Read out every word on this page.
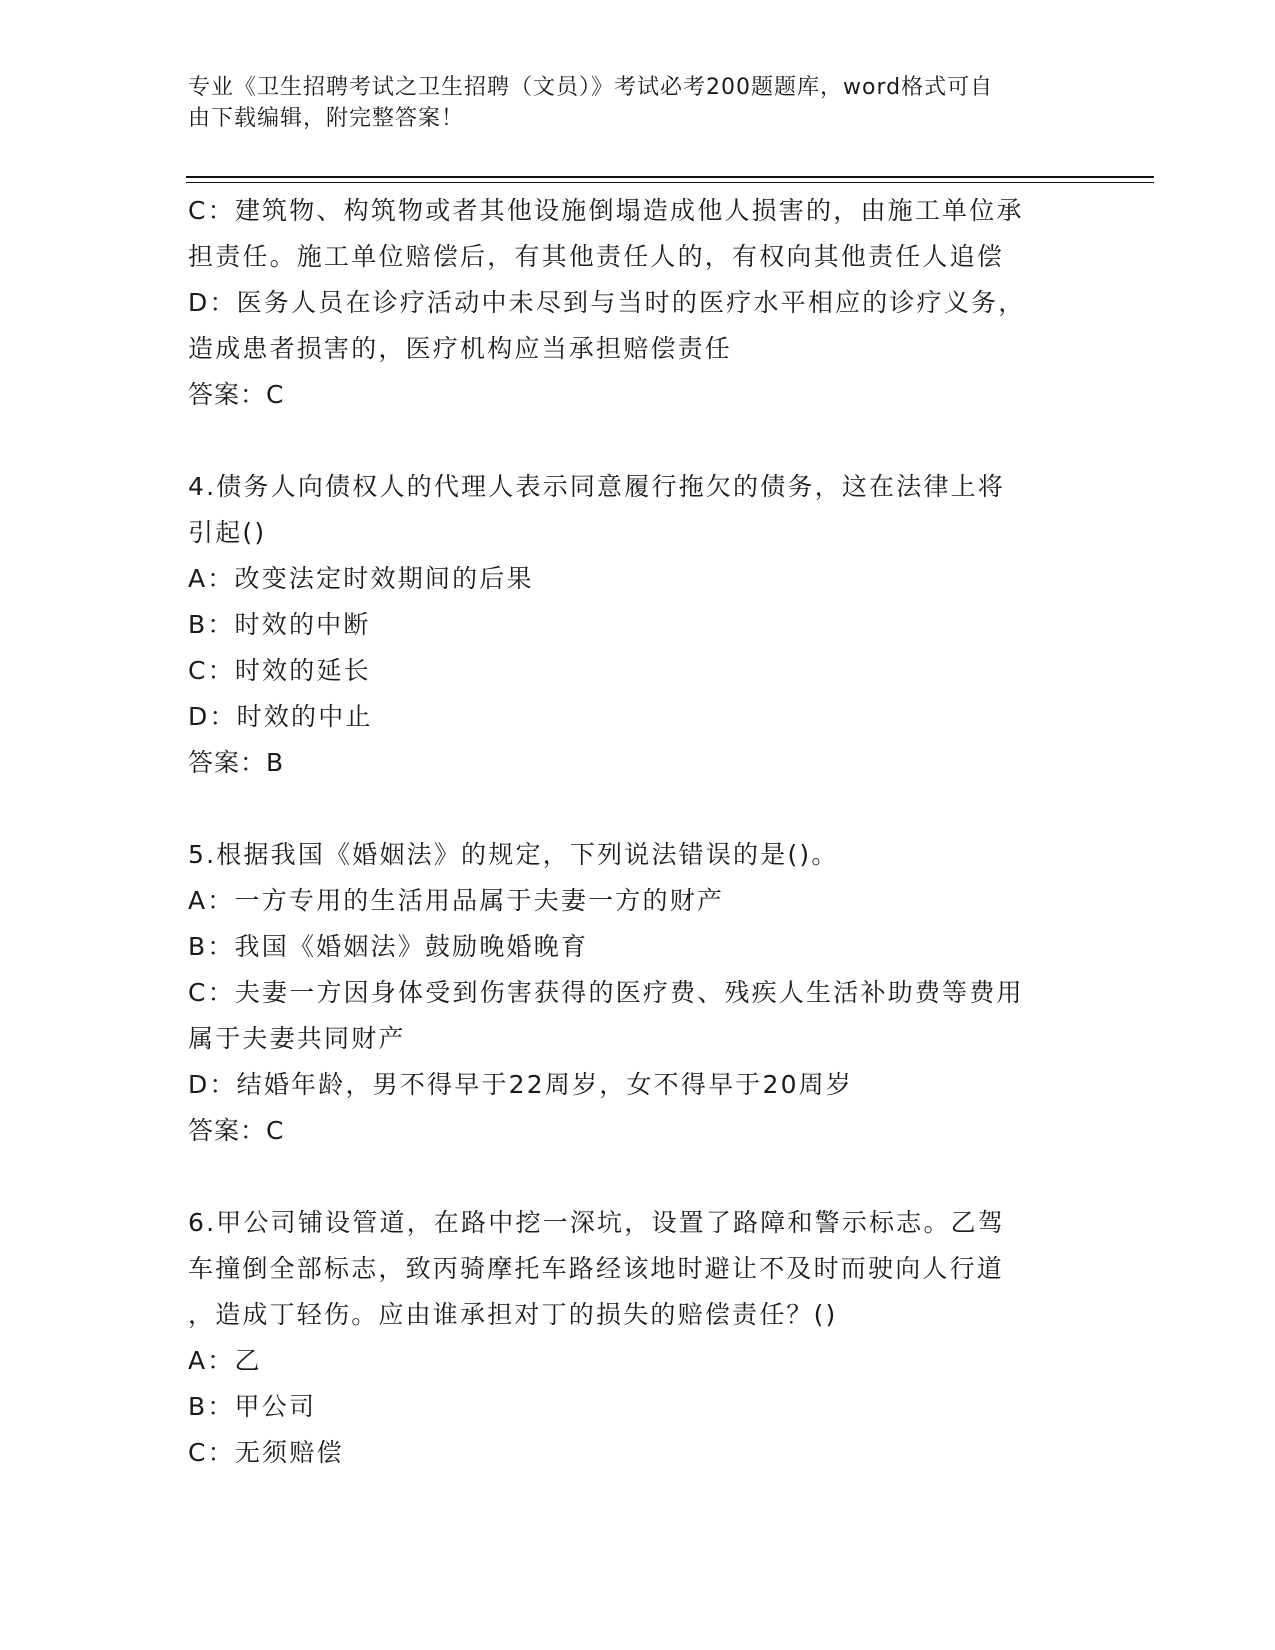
专业《卫生招聘考试之卫生招聘（文员）》考试必考200题题库，word格式可自
由下载编辑，附完整答案！
C：建筑物、构筑物或者其他设施倒塌造成他人损害的，由施工单位承
担责任。施工单位赔偿后，有其他责任人的，有权向其他责任人追偿
D：医务人员在诊疗活动中未尽到与当时的医疗水平相应的诊疗义务，
造成患者损害的，医疗机构应当承担赔偿责任
答案：C
4.债务人向债权人的代理人表示同意履行拖欠的债务，这在法律上将
引起()
A：改变法定时效期间的后果
B：时效的中断
C：时效的延长
D：时效的中止
答案：B
5.根据我国《婚姻法》的规定，下列说法错误的是()。
A：一方专用的生活用品属于夫妻一方的财产
B：我国《婚姻法》鼓励晚婚晚育
C：夫妻一方因身体受到伤害获得的医疗费、残疾人生活补助费等费用
属于夫妻共同财产
D：结婚年龄，男不得早于22周岁，女不得早于20周岁
答案：C
6.甲公司铺设管道，在路中挖一深坑，设置了路障和警示标志。乙驾
车撞倒全部标志，致丙骑摩托车路经该地时避让不及时而驶向人行道
，造成丁轻伤。应由谁承担对丁的损失的赔偿责任？()
A：乙
B：甲公司
C：无须赔偿
